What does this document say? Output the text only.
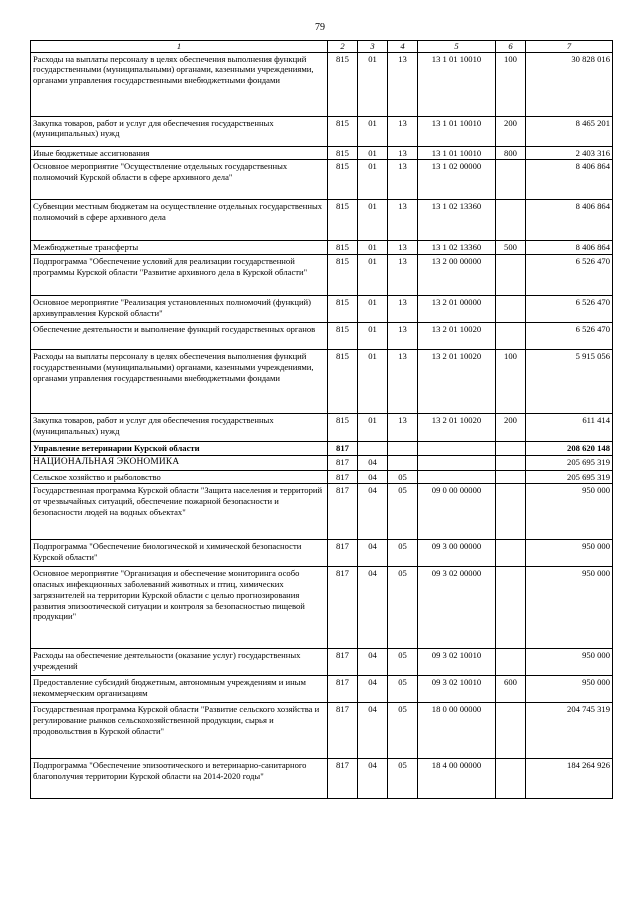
79
1	2	3	4	5	6	7
Расходы на выплаты персоналу в целях обеспечения выполнения функций государственными (муниципальными) органами, казенными учреждениями, органами управления государственными внебюджетными фондами	815	01	13	13 1 01 10010	100	30 828 016
Закупка товаров, работ и услуг для обеспечения государственных (муниципальных) нужд	815	01	13	13 1 01 10010	200	8 465 201
Иные бюджетные ассигнования	815	01	13	13 1 01 10010	800	2 403 316
Основное мероприятие "Осуществление отдельных государственных полномочий Курской области в сфере архивного дела"	815	01	13	13 1 02 00000		8 406 864
Субвенции местным бюджетам на осуществление отдельных государственных полномочий в сфере архивного дела	815	01	13	13 1 02 13360		8 406 864
Межбюджетные трансферты	815	01	13	13 1 02 13360	500	8 406 864
Подпрограмма "Обеспечение условий для реализации государственной программы Курской области "Развитие архивного дела в Курской области"	815	01	13	13 2 00 00000		6 526 470
Основное мероприятие "Реализация установленных полномочий (функций) архивуправления Курской области"	815	01	13	13 2 01 00000		6 526 470
Обеспечение деятельности и выполнение функций государственных органов	815	01	13	13 2 01 10020		6 526 470
Расходы на выплаты персоналу в целях обеспечения выполнения функций государственными (муниципальными) органами, казенными учреждениями, органами управления государственными внебюджетными фондами	815	01	13	13 2 01 10020	100	5 915 056
Закупка товаров, работ и услуг для обеспечения государственных (муниципальных) нужд	815	01	13	13 2 01 10020	200	611 414
Управление ветеринарии Курской области	817					208 620 148
НАЦИОНАЛЬНАЯ ЭКОНОМИКА	817	04				205 695 319
Сельское хозяйство и рыболовство	817	04	05			205 695 319
Государственная программа Курской области "Защита населения и территорий от чрезвычайных ситуаций, обеспечение пожарной безопасности и безопасности людей на водных объектах"	817	04	05	09 0 00 00000		950 000
Подпрограмма "Обеспечение биологической и химической безопасности Курской области"	817	04	05	09 3 00 00000		950 000
Основное мероприятие "Организация и обеспечение мониторинга особо опасных инфекционных заболеваний животных и птиц, химических загрязнителей на территории Курской области с целью прогнозирования развития эпизоотической ситуации и контроля за безопасностью пищевой продукции"	817	04	05	09 3 02 00000		950 000
Расходы на обеспечение деятельности (оказание услуг) государственных учреждений	817	04	05	09 3 02 10010		950 000
Предоставление субсидий бюджетным, автономным учреждениям и иным некоммерческим организациям	817	04	05	09 3 02 10010	600	950 000
Государственная программа Курской области "Развитие сельского хозяйства и регулирование рынков сельскохозяйственной продукции, сырья и продовольствия в Курской области"	817	04	05	18 0 00 00000		204 745 319
Подпрограмма "Обеспечение эпизоотического и ветеринарно-санитарного благополучия территории Курской области на 2014-2020 годы"	817	04	05	18 4 00 00000		184 264 926
